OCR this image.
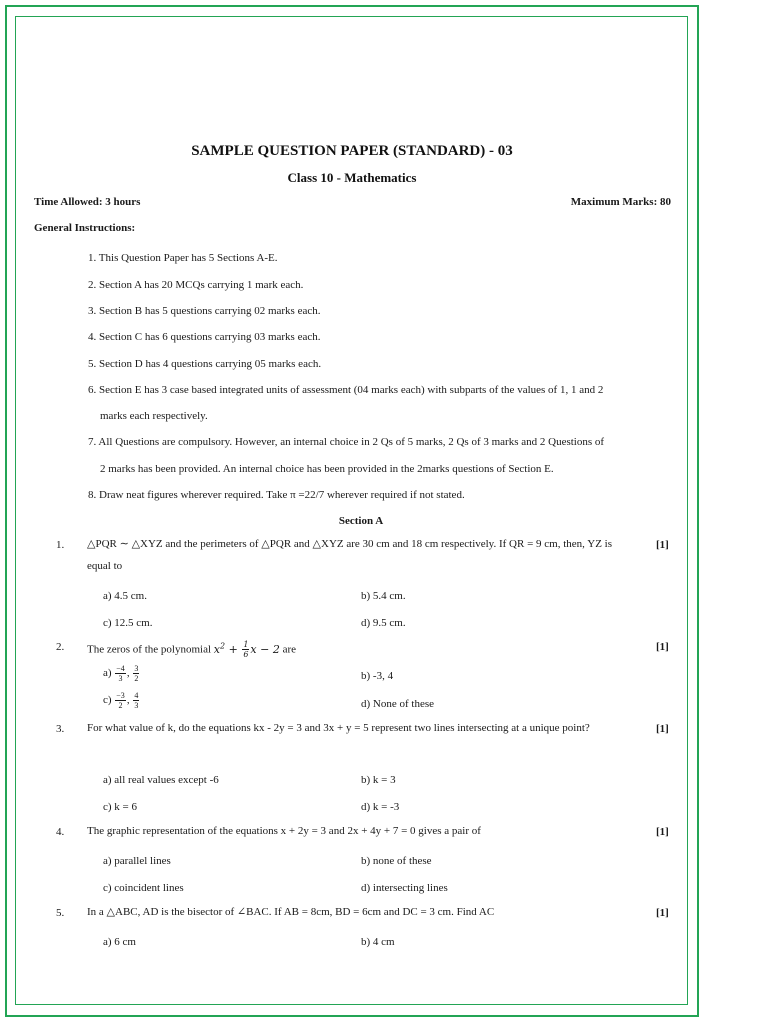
SAMPLE QUESTION PAPER (STANDARD) - 03
Class 10 - Mathematics
Time Allowed: 3 hours	Maximum Marks: 80
General Instructions:
1. This Question Paper has 5 Sections A-E.
2. Section A has 20 MCQs carrying 1 mark each.
3. Section B has 5 questions carrying 02 marks each.
4. Section C has 6 questions carrying 03 marks each.
5. Section D has 4 questions carrying 05 marks each.
6. Section E has 3 case based integrated units of assessment (04 marks each) with subparts of the values of 1, 1 and 2
marks each respectively.
7. All Questions are compulsory. However, an internal choice in 2 Qs of 5 marks, 2 Qs of 3 marks and 2 Questions of
2 marks has been provided. An internal choice has been provided in the 2marks questions of Section E.
8. Draw neat figures wherever required. Take π =22/7 wherever required if not stated.
Section A
1. △PQR ∼ △XYZ and the perimeters of △PQR and △XYZ are 30 cm and 18 cm respectively. If QR = 9 cm, then, YZ is equal to
[1]
a) 4.5 cm.	b) 5.4 cm.
c) 12.5 cm.	d) 9.5 cm.
2. The zeros of the polynomial $x^2 + \frac{1}{6}$ x − 2 are	[1]
$a) \frac{-4}{3}$ , $\frac{3}{2}$	b) -3, 4
$c) \frac{-3}{2}$ , $\frac{4}{3}$	d) None of these
3. For what value of k, do the equations kx - 2y = 3 and 3x + y = 5 represent two lines intersecting at a unique point?	[1]
a) all real values except -6	b) k = 3
c) k = 6	d) k = -3
4. The graphic representation of the equations x + 2y = 3 and 2x + 4y + 7 = 0 gives a pair of	[1]
a) parallel lines	b) none of these
c) coincident lines	d) intersecting lines
5. In a △ABC, AD is the bisector of ∠BAC. If AB = 8cm, BD = 6cm and DC = 3 cm. Find AC	[1]
a) 6 cm	b) 4 cm
